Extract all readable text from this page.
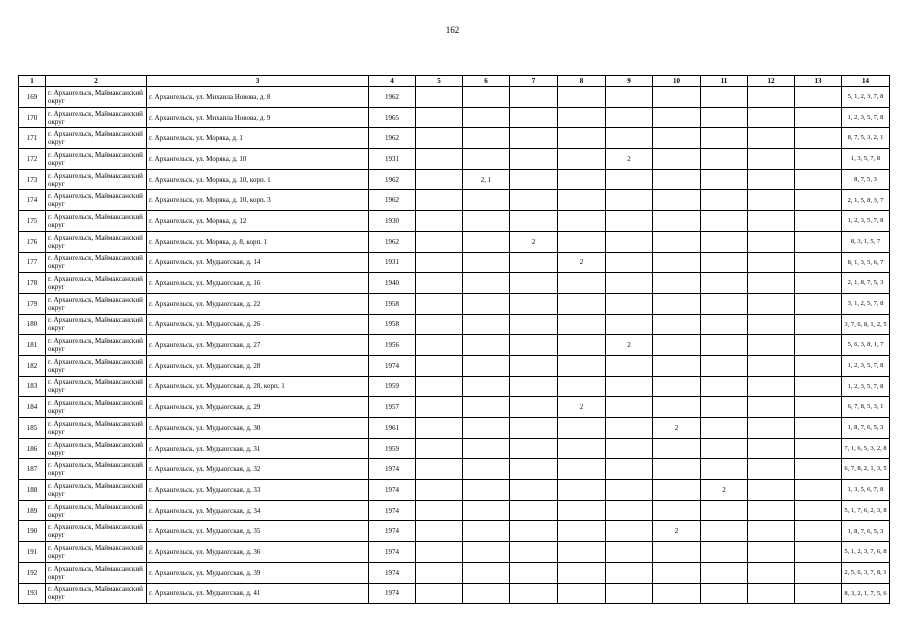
162
1	2	3	4	5	6	7	8	9	10	11	12	13	14
169	г. Архангельск, Маймаксанский округ	г. Архангельск, ул. Михаила Новова, д. 8	1962										5, 1, 2, 3, 7, 8
170	г. Архангельск, Маймаксанский округ	г. Архангельск, ул. Михаила Новова, д. 9	1965										1, 2, 3, 5, 7, 8
171	г. Архангельск, Маймаксанский округ	г. Архангельск, ул. Моряка, д. 1	1962										8, 7, 5, 3, 2, 1
172	г. Архангельск, Маймаксанский округ	г. Архангельск, ул. Моряка, д. 10	1931					2					1, 3, 5, 7, 8
173	г. Архангельск, Маймаксанский округ	г. Архангельск, ул. Моряка, д. 10, корп. 1	1962		2, 1								8, 7, 5, 3
174	г. Архангельск, Маймаксанский округ	г. Архангельск, ул. Моряка, д. 10, корп. 3	1962										2, 1, 5, 8, 3, 7
175	г. Архангельск, Маймаксанский округ	г. Архангельск, ул. Моряка, д. 12	1930										1, 2, 3, 5, 7, 8
176	г. Архангельск, Маймаксанский округ	г. Архангельск, ул. Моряка, д. 8, корп. 1	1962			2							8, 3, 1, 5, 7
177	г. Архангельск, Маймаксанский округ	г. Архангельск, ул. Мудьюгская, д. 14	1931				2						8, 1, 3, 5, 6, 7
178	г. Архангельск, Маймаксанский округ	г. Архангельск, ул. Мудьюгская, д. 16	1940										2, 1, 8, 7, 5, 3
179	г. Архангельск, Маймаксанский округ	г. Архангельск, ул. Мудьюгская, д. 22	1958										3, 1, 2, 5, 7, 8
180	г. Архангельск, Маймаксанский округ	г. Архангельск, ул. Мудьюгская, д. 26	1958										3, 7, 6, 8, 1, 2, 5
181	г. Архангельск, Маймаксанский округ	г. Архангельск, ул. Мудьюгская, д. 27	1956					2					5, 6, 3, 8, 1, 7
182	г. Архангельск, Маймаксанский округ	г. Архангельск, ул. Мудьюгская, д. 28	1974										1, 2, 3, 5, 7, 8
183	г. Архангельск, Маймаксанский округ	г. Архангельск, ул. Мудьюгская, д. 28, корп. 1	1959										1, 2, 3, 5, 7, 8
184	г. Архангельск, Маймаксанский округ	г. Архангельск, ул. Мудьюгская, д. 29	1957				2						6, 7, 8, 5, 3, 1
185	г. Архангельск, Маймаксанский округ	г. Архангельск, ул. Мудьюгская, д. 30	1961						2				1, 8, 7, 6, 5, 3
186	г. Архангельск, Маймаксанский округ	г. Архангельск, ул. Мудьюгская, д. 31	1959										7, 1, 6, 5, 3, 2, 8
187	г. Архангельск, Маймаксанский округ	г. Архангельск, ул. Мудьюгская, д. 32	1974										6, 7, 8, 2, 1, 3, 5
188	г. Архангельск, Маймаксанский округ	г. Архангельск, ул. Мудьюгская, д. 33	1974							2			1, 3, 5, 6, 7, 8
189	г. Архангельск, Маймаксанский округ	г. Архангельск, ул. Мудьюгская, д. 34	1974										5, 1, 7, 6, 2, 3, 8
190	г. Архангельск, Маймаксанский округ	г. Архангельск, ул. Мудьюгская, д. 35	1974						2				1, 8, 7, 6, 5, 3
191	г. Архангельск, Маймаксанский округ	г. Архангельск, ул. Мудьюгская, д. 36	1974										5, 1, 2, 3, 7, 6, 8
192	г. Архангельск, Маймаксанский округ	г. Архангельск, ул. Мудьюгская, д. 39	1974										2, 5, 6, 3, 7, 8, 1
193	г. Архангельск, Маймаксанский округ	г. Архангельск, ул. Мудьюгская, д. 41	1974										8, 3, 2, 1, 7, 5, 6
